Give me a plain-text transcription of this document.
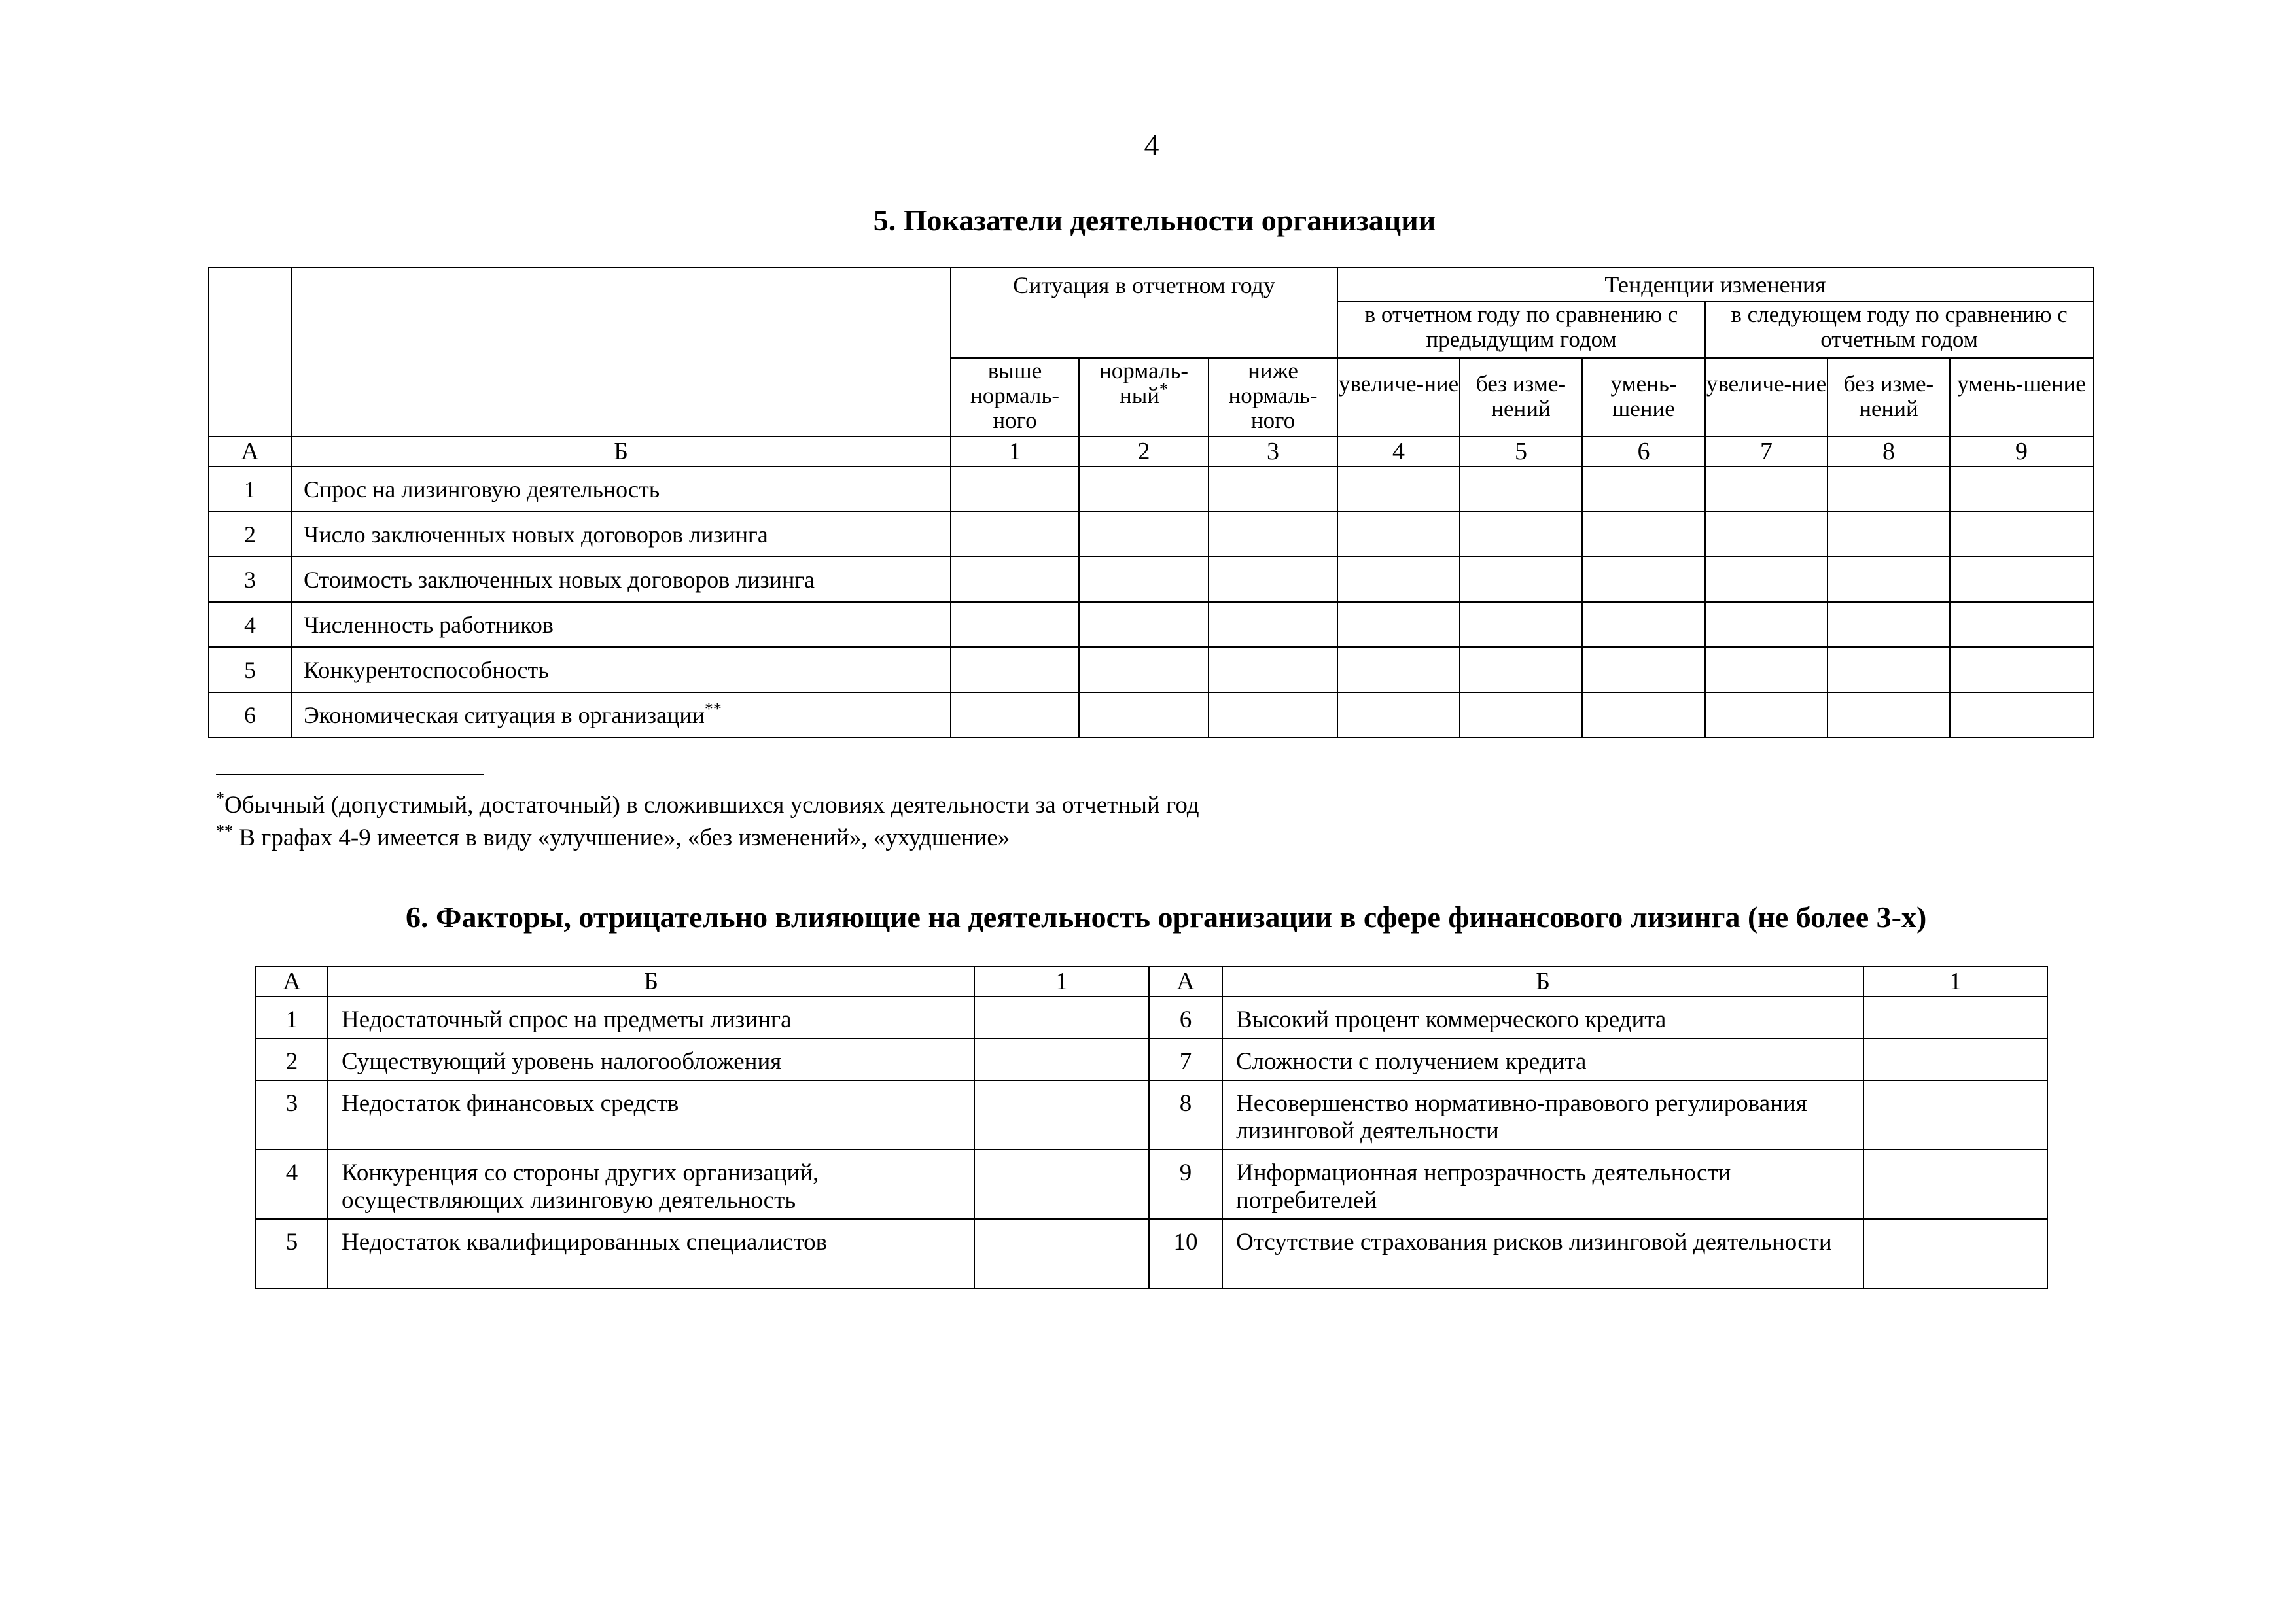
4
5. Показатели деятельности организации
		Ситуация в отчетном году			Тенденции изменения					
					в отчетном году по сравнению с предыдущим годом			в следующем году по сравнению с отчетным годом		
		выше нормаль-ного	нормаль-ный*	ниже нормаль-ного	увеличе-ние	без изме-нений	умень-шение	увеличе-ние	без изме-нений	умень-шение
А	Б	1	2	3	4	5	6	7	8	9
1	Спрос на лизинговую деятельность									
2	Число заключенных новых договоров лизинга									
3	Стоимость заключенных новых договоров лизинга									
4	Численность работников									
5	Конкурентоспособность									
6	Экономическая ситуация в организации**									
*Обычный (допустимый, достаточный) в сложившихся условиях деятельности за отчетный год
** В графах 4-9 имеется в виду «улучшение», «без изменений», «ухудшение»
6. Факторы, отрицательно влияющие на деятельность организации в сфере финансового лизинга (не более 3-х)
А	Б	1	А	Б	1
1	Недостаточный спрос на предметы лизинга		6	Высокий процент коммерческого кредита	
2	Существующий уровень налогообложения		7	Сложности с получением кредита	
3	Недостаток финансовых средств		8	Несовершенство нормативно-правового регулирования лизинговой деятельности	
4	Конкуренция со стороны других организаций, осуществляющих лизинговую деятельность		9	Информационная непрозрачность деятельности потребителей	
5	Недостаток квалифицированных специалистов		10	Отсутствие страхования рисков лизинговой деятельности	
